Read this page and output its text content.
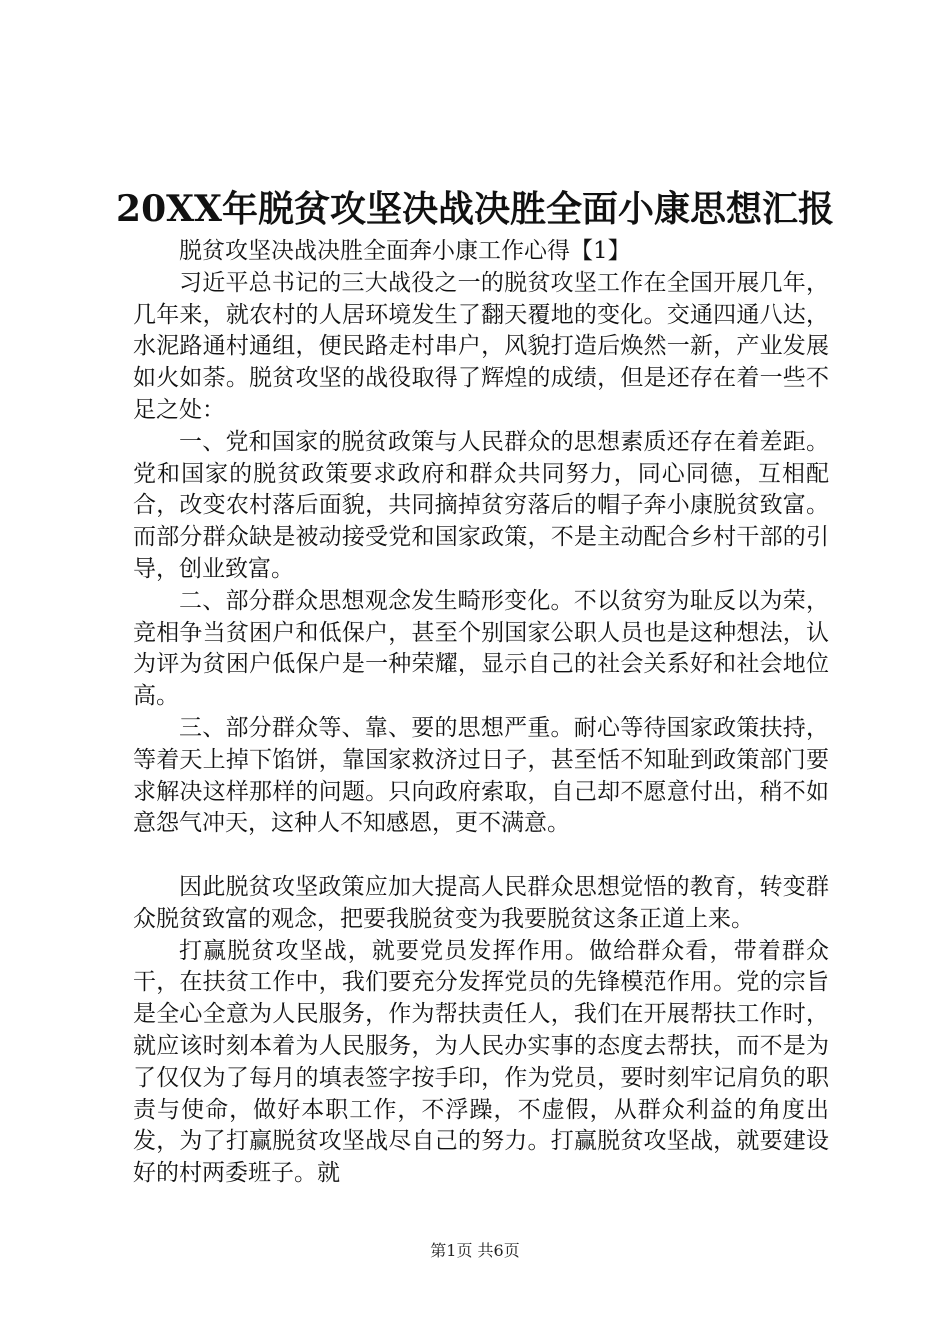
20XX年脱贫攻坚决战决胜全面小康思想汇报

脱贫攻坚决战决胜全面奔小康工作心得【1】

习近平总书记的三大战役之一的脱贫攻坚工作在全国开展几年，几年来，就农村的人居环境发生了翻天覆地的变化。交通四通八达，水泥路通村通组，便民路走村串户，风貌打造后焕然一新，产业发展如火如荼。脱贫攻坚的战役取得了辉煌的成绩，但是还存在着一些不足之处：

一、党和国家的脱贫政策与人民群众的思想素质还存在着差距。党和国家的脱贫政策要求政府和群众共同努力，同心同德，互相配合，改变农村落后面貌，共同摘掉贫穷落后的帽子奔小康脱贫致富。而部分群众缺是被动接受党和国家政策，不是主动配合乡村干部的引导，创业致富。

二、部分群众思想观念发生畸形变化。不以贫穷为耻反以为荣，竞相争当贫困户和低保户，甚至个别国家公职人员也是这种想法，认为评为贫困户低保户是一种荣耀，显示自己的社会关系好和社会地位高。

三、部分群众等、靠、要的思想严重。耐心等待国家政策扶持，等着天上掉下馅饼，靠国家救济过日子，甚至恬不知耻到政策部门要求解决这样那样的问题。只向政府索取，自己却不愿意付出，稍不如意怨气冲天，这种人不知感恩，更不满意。

因此脱贫攻坚政策应加大提高人民群众思想觉悟的教育，转变群众脱贫致富的观念，把要我脱贫变为我要脱贫这条正道上来。

打赢脱贫攻坚战，就要党员发挥作用。做给群众看，带着群众干，在扶贫工作中，我们要充分发挥党员的先锋模范作用。党的宗旨是全心全意为人民服务，作为帮扶责任人，我们在开展帮扶工作时，就应该时刻本着为人民服务，为人民办实事的态度去帮扶，而不是为了仅仅为了每月的填表签字按手印，作为党员，要时刻牢记肩负的职责与使命，做好本职工作，不浮躁，不虚假，从群众利益的角度出发，为了打赢脱贫攻坚战尽自己的努力。打赢脱贫攻坚战，就要建设好的村两委班子。就

第1页 共6页
